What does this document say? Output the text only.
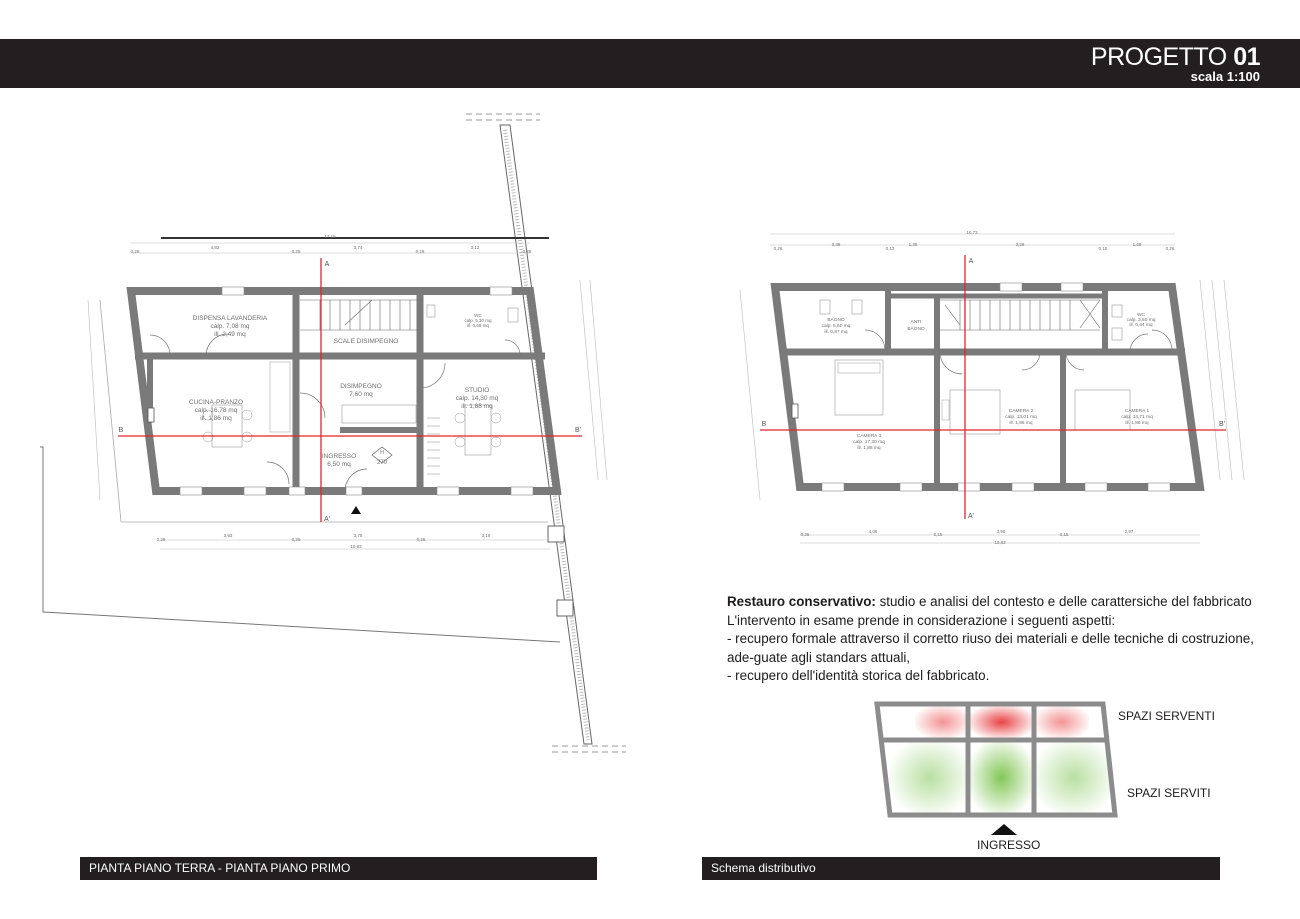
PROGETTO 01
scala 1:100
DISPENSA LAVANDERIA
calp. 7,08 mq
ill. 2,49 mq
CUCINA-PRANZO
calp. 16,78 mq
ill. 1,86 mq
SCALE DISIMPEGNO
DISIMPEGNO
7,60 mq
INGRESSO
6,50 mq
STUDIO
calp. 14,30 mq
ill. 1,88 mq
WC
calp. 5,30 mq
ill. 0,69 mq
H
270
A
A'
B	B'
17,15
0,26
4,82
0,25
3,74
0,25
3,12
0,26
0,25
3,93
0,25
3,75
0,25
3,16
10,83
BAGNO
calp. 5,60 mq
ill. 0,87 mq
ANTI
BAGNO
WC
calp. 3,50 mq
ill. 0,44 mq
CAMERA 3
calp. 17,30 mq
ill. 1,88 mq
CAMERA 2
calp. 13,01 mq
ill. 1,86 mq
CAMERA 1
calp. 14,71 mq
ill. 1,86 mq
A
A'
B	B'
10,73
0,26
3,39	1,35
0,13
3,29
0,15
1,65
0,26
0,25
4,06
0,15
3,90
0,15
2,97
10,83

Restauro conservativo: studio e analisi del contesto e delle carattersiche del fabbricato

L'intervento in esame prende in considerazione i seguenti aspetti:

- recupero formale attraverso il corretto riuso dei materiali e delle tecniche di costruzione, ade-guate agli standars attuali,

- recupero dell'identità storica del fabbricato.

SPAZI SERVENTI
SPAZI SERVITI
INGRESSO
PIANTA PIANO TERRA - PIANTA PIANO PRIMO	Schema distributivo
